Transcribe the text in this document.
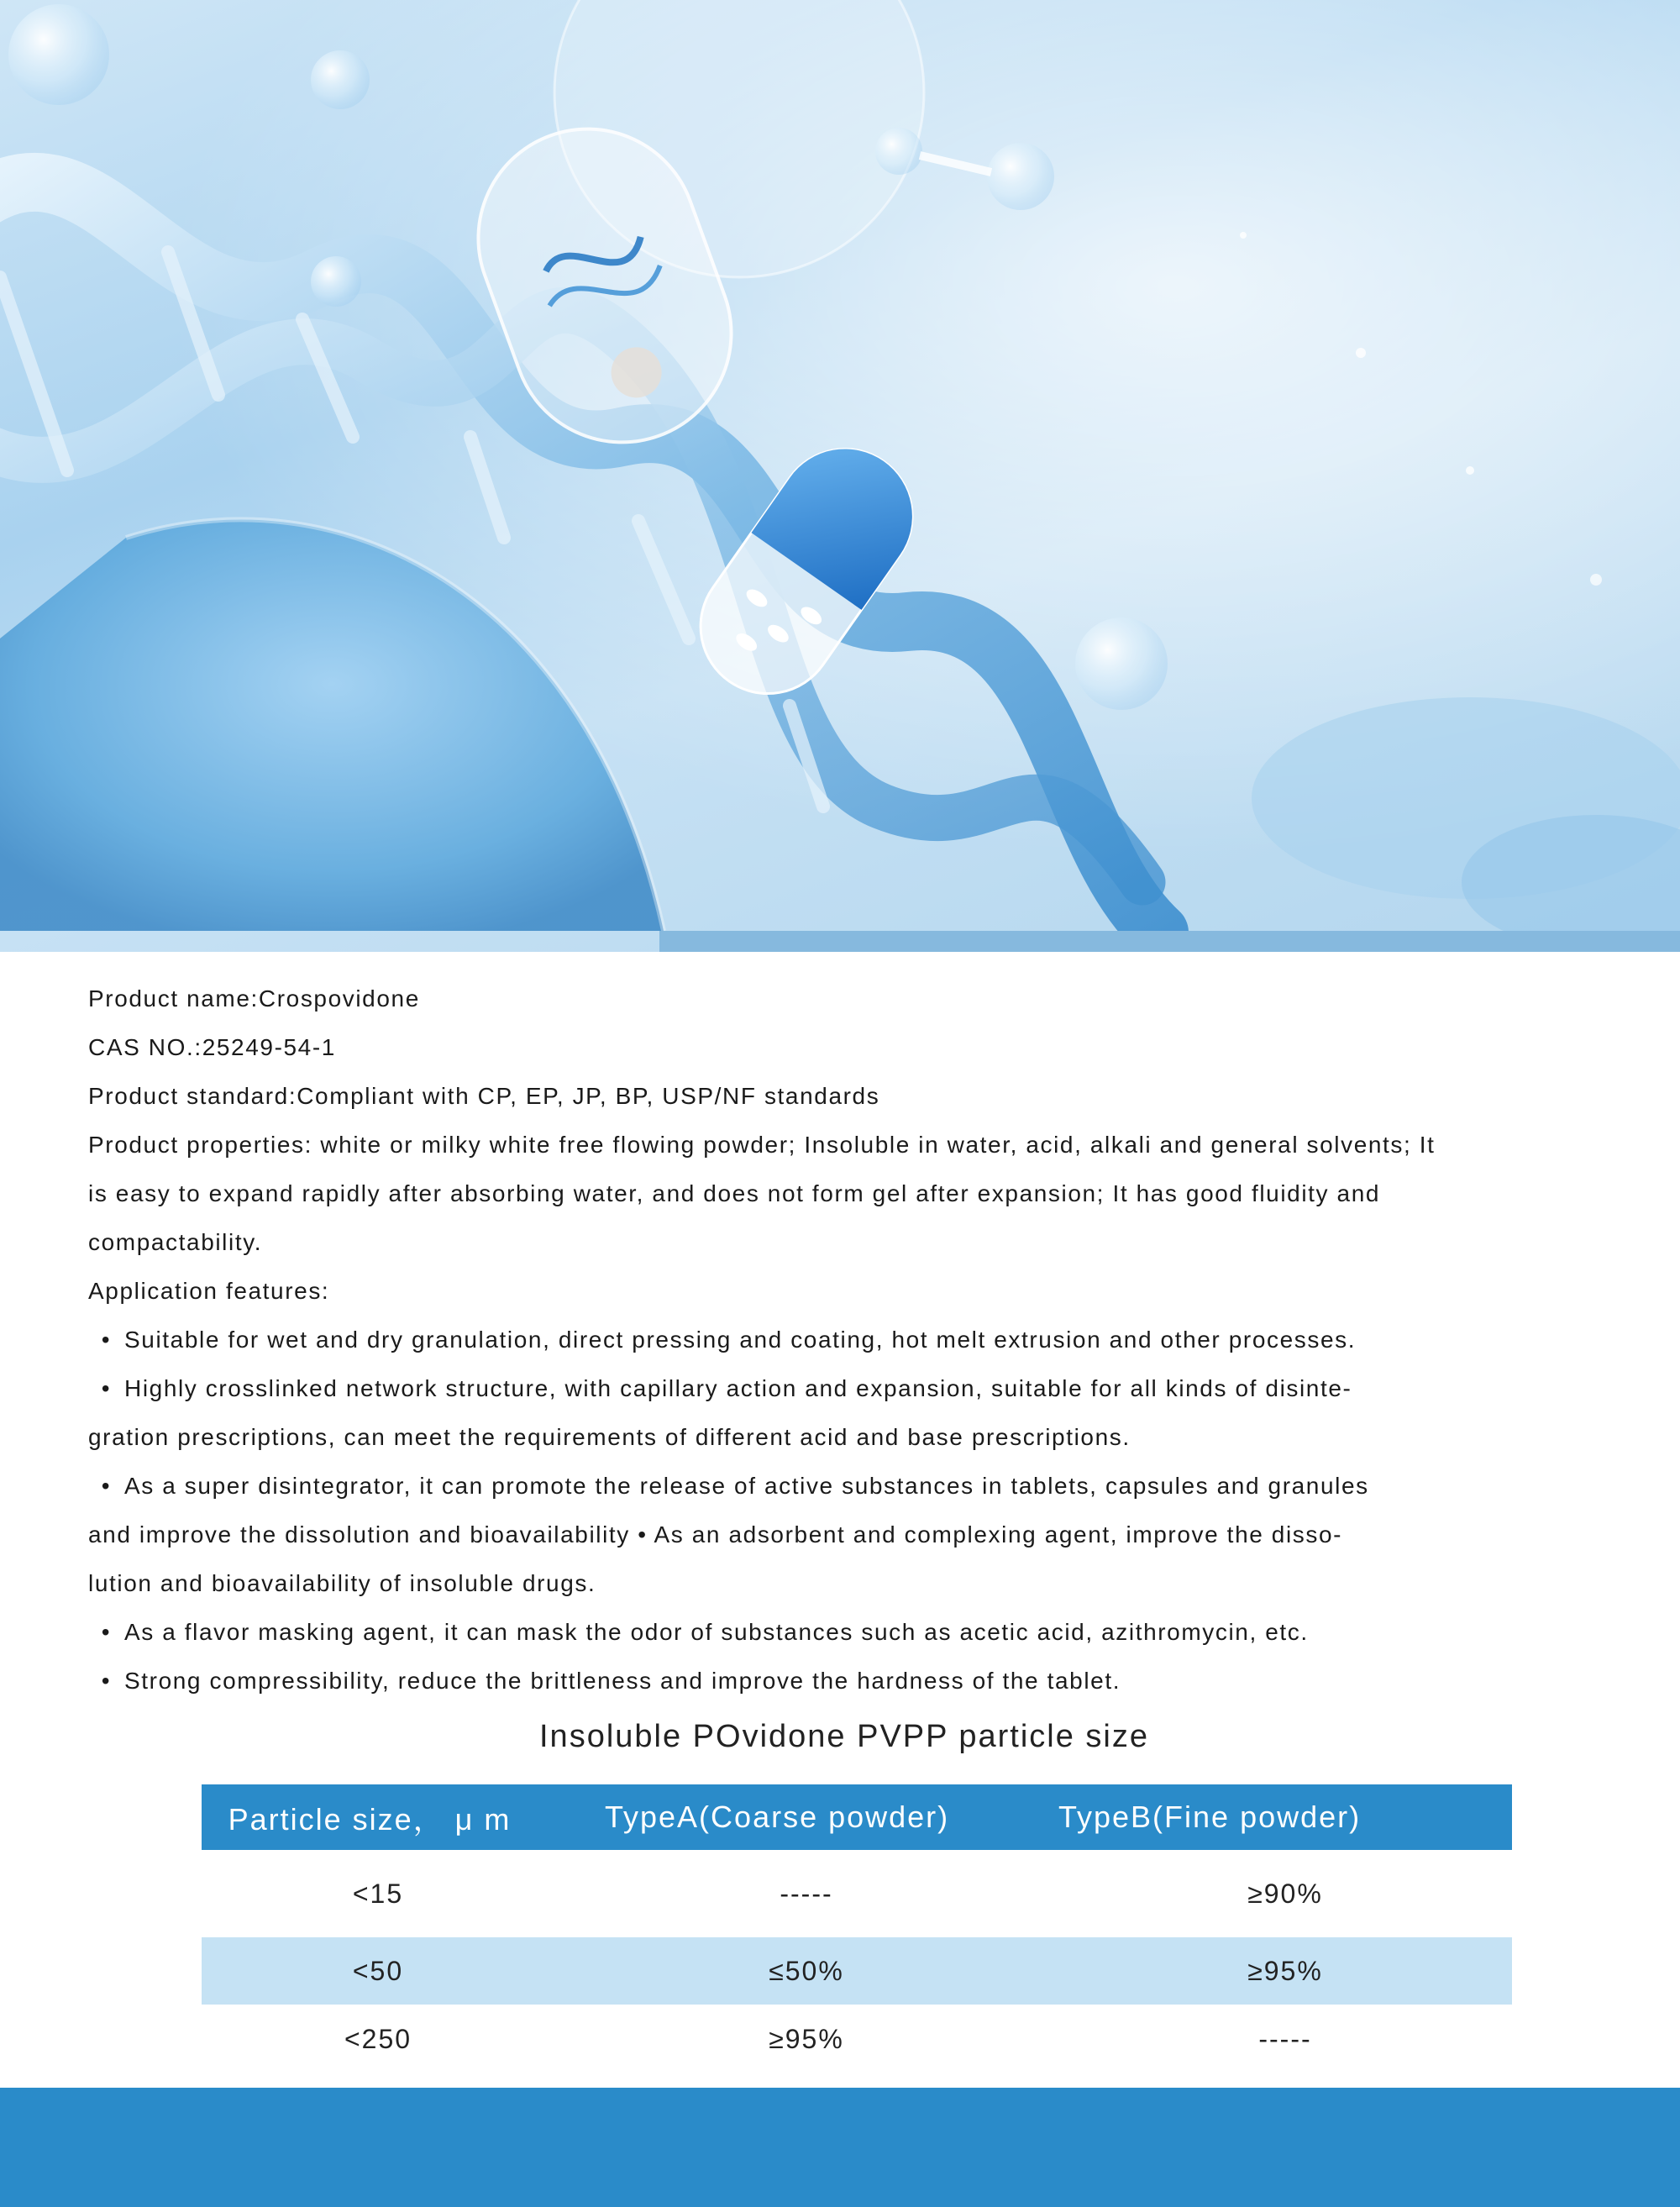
Product name:Crospovidone

CAS NO.:25249-54-1

Product standard:Compliant with CP, EP, JP, BP, USP/NF standards

Product properties: white or milky white free flowing powder; Insoluble in water, acid, alkali and general solvents; It

is easy to expand rapidly after absorbing water, and does not form gel after expansion; It has good fluidity and

compactability.

Application features:

• Suitable for wet and dry granulation, direct pressing and coating, hot melt extrusion and other processes.

• Highly crosslinked network structure, with capillary action and expansion, suitable for all kinds of disinte-

gration prescriptions, can meet the requirements of different acid and base prescriptions.

• As a super disintegrator, it can promote the release of active substances in tablets, capsules and granules

and improve the dissolution and bioavailability • As an adsorbent and complexing agent, improve the disso-

lution and bioavailability of insoluble drugs.

• As a flavor masking agent, it can mask the odor of substances such as acetic acid, azithromycin, etc.

• Strong compressibility, reduce the brittleness and improve the hardness of the tablet.

Insoluble POvidone PVPP particle size
Particle size， μ m	TypeA(Coarse powder)	TypeB(Fine powder)
<15	-----	≥90%
<50	≤50%	≥95%
<250	≥95%	-----
